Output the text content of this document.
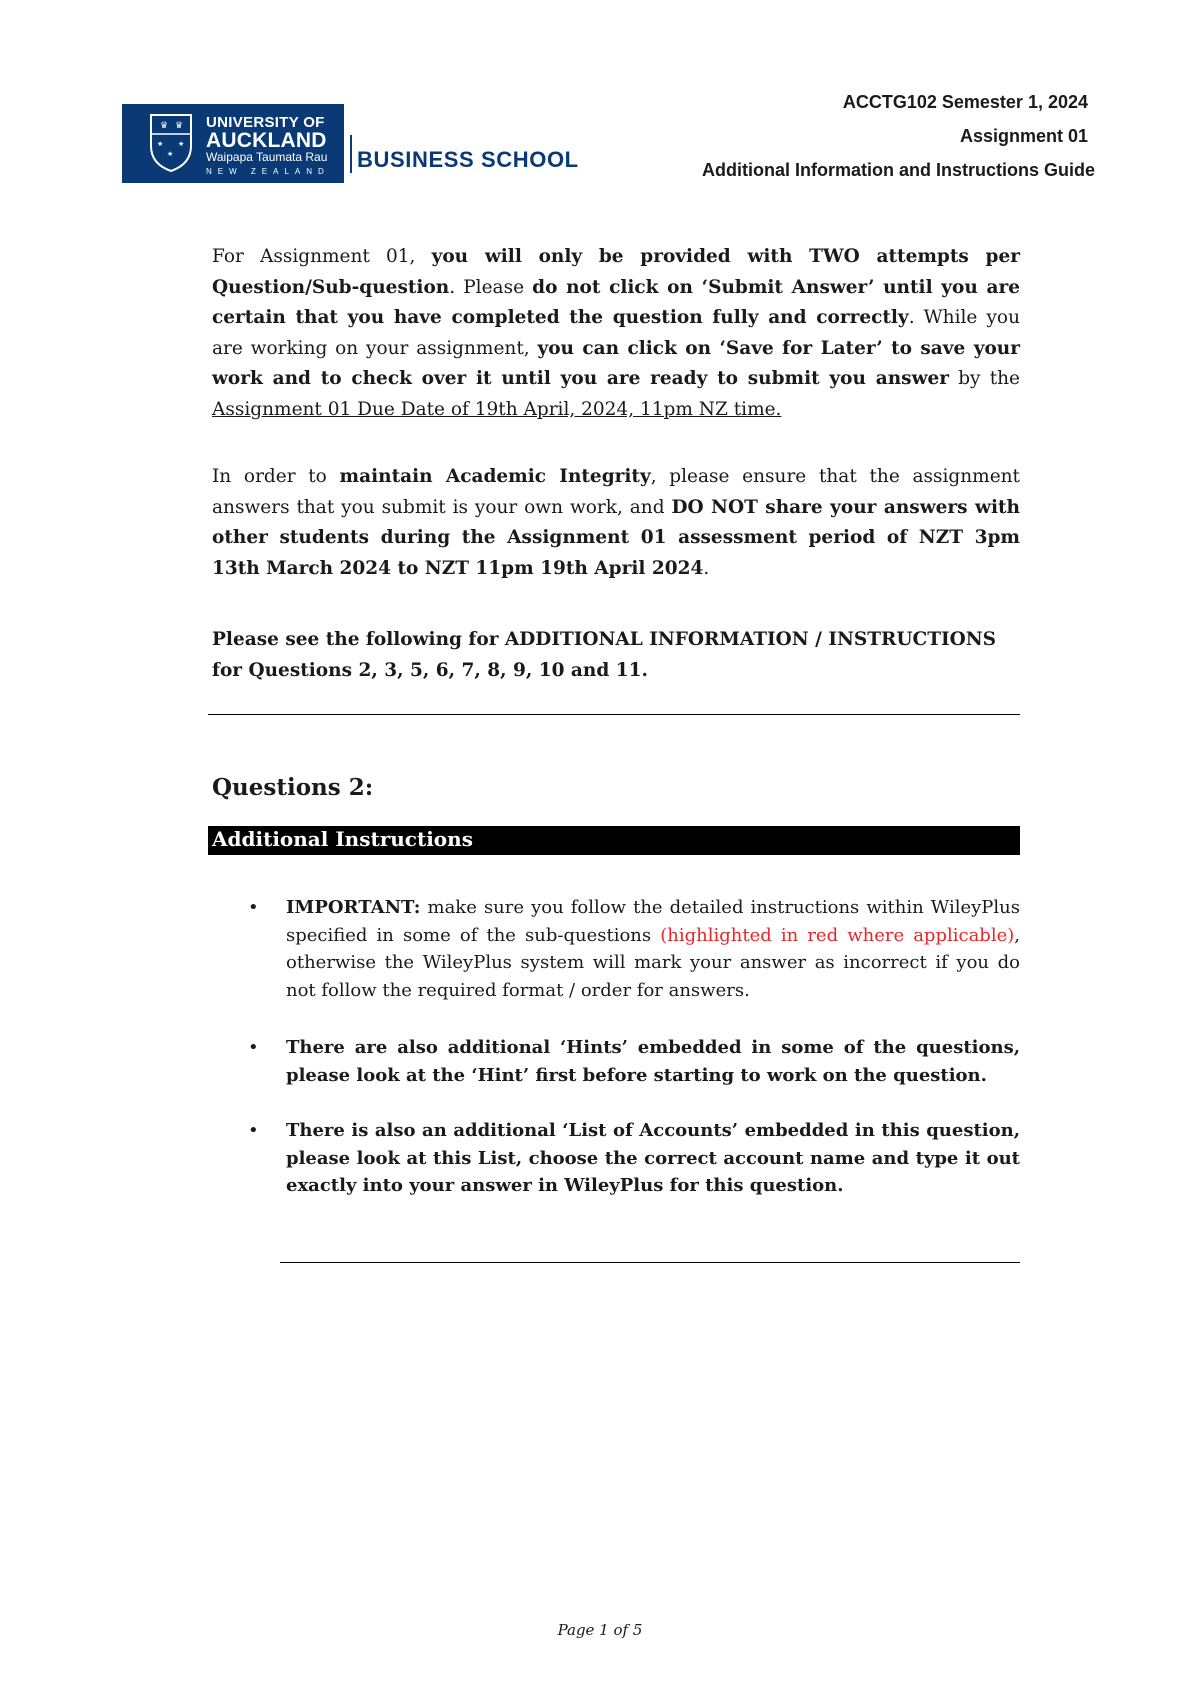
♛ ♛
★ ★
★
UNIVERSITY OF
AUCKLAND
Waipapa Taumata Rau
NEW ZEALAND BUSINESS SCHOOL
ACCTG102 Semester 1, 2024
Assignment 01
Additional Information and Instructions Guide
For Assignment 01, you will only be provided with TWO attempts per Question/Sub-question. Please do not click on ‘Submit Answer’ until you are certain that you have completed the question fully and correctly. While you are working on your assignment, you can click on ‘Save for Later’ to save your work and to check over it until you are ready to submit you answer by the Assignment 01 Due Date of 19th April, 2024, 11pm NZ time.
In order to maintain Academic Integrity, please ensure that the assignment answers that you submit is your own work, and DO NOT share your answers with other students during the Assignment 01 assessment period of NZT 3pm 13th March 2024 to NZT 11pm 19th April 2024.
Please see the following for ADDITIONAL INFORMATION / INSTRUCTIONS for Questions 2, 3, 5, 6, 7, 8, 9, 10 and 11.
Questions 2:
Additional Instructions
• IMPORTANT: make sure you follow the detailed instructions within WileyPlus specified in some of the sub-questions (highlighted in red where applicable), otherwise the WileyPlus system will mark your answer as incorrect if you do not follow the required format / order for answers.
• There are also additional ‘Hints’ embedded in some of the questions, please look at the ‘Hint’ first before starting to work on the question.
• There is also an additional ‘List of Accounts’ embedded in this question, please look at this List, choose the correct account name and type it out exactly into your answer in WileyPlus for this question.
Page 1 of 5
